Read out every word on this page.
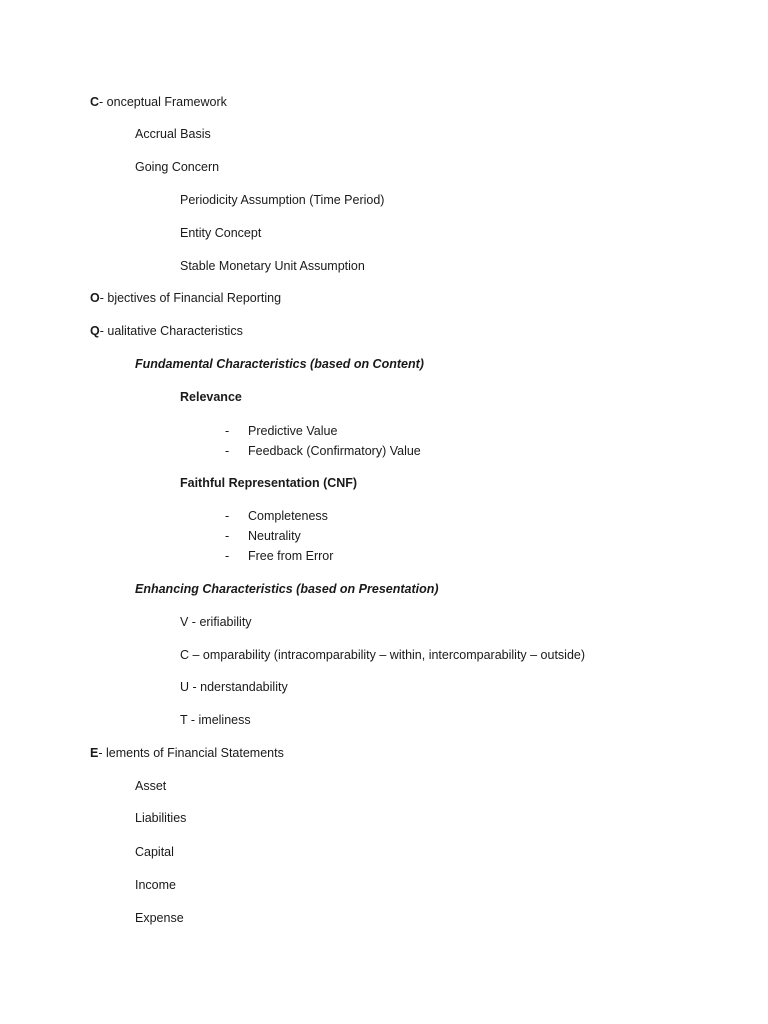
C- onceptual Framework
Accrual Basis
Going Concern
Periodicity Assumption (Time Period)
Entity Concept
Stable Monetary Unit Assumption
O- bjectives of Financial Reporting
Q- ualitative Characteristics
Fundamental Characteristics (based on Content)
Relevance
- Predictive Value
- Feedback (Confirmatory) Value
Faithful Representation (CNF)
- Completeness
- Neutrality
- Free from Error
Enhancing Characteristics (based on Presentation)
V - erifiability
C – omparability (intracomparability – within, intercomparability – outside)
U - nderstandability
T - imeliness
E- lements of Financial Statements
Asset
Liabilities
Capital
Income
Expense
